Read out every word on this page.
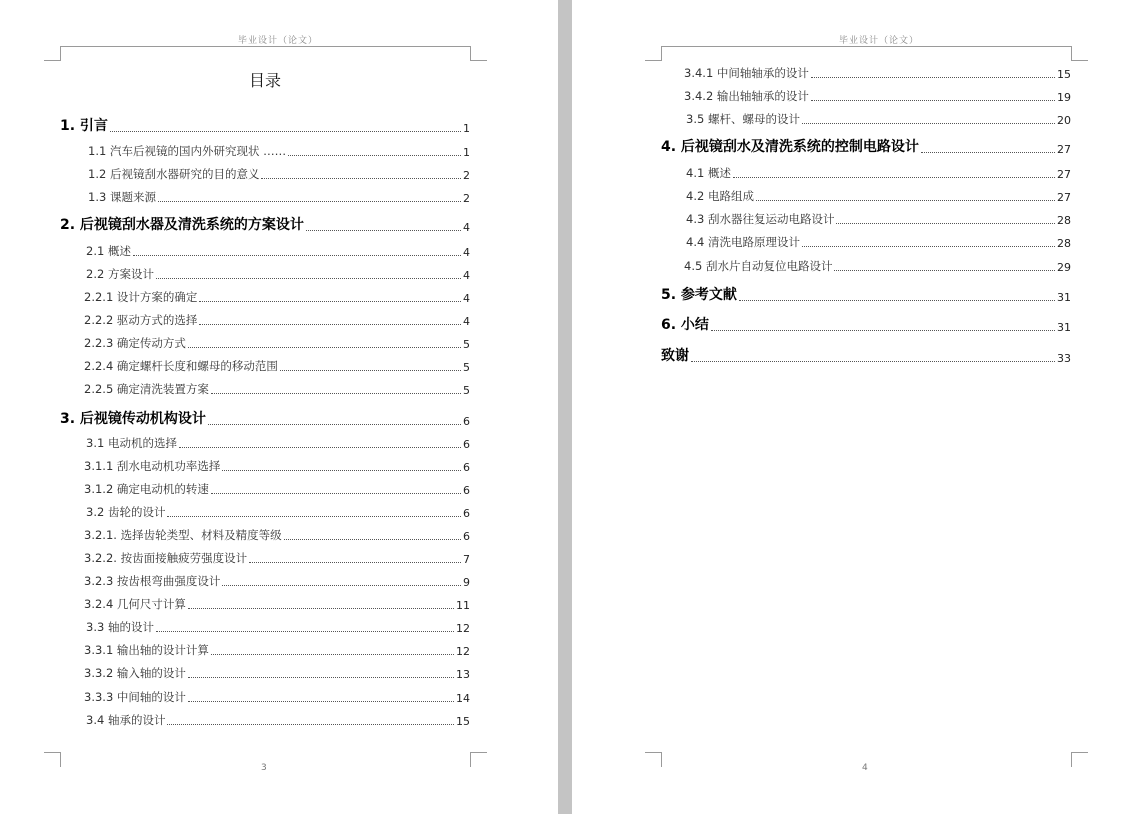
毕业设计（论文）
目录
1. 引言	1
1.1 汽车后视镜的国内外研究现状 ……	1
1.2 后视镜刮水器研究的目的意义	2
1.3 课题来源	2
2. 后视镜刮水器及清洗系统的方案设计	4
2.1 概述	4
2.2 方案设计	4
2.2.1 设计方案的确定	4
2.2.2 驱动方式的选择	4
2.2.3 确定传动方式	5
2.2.4 确定螺杆长度和螺母的移动范围	5
2.2.5 确定清洗装置方案	5
3. 后视镜传动机构设计	6
3.1 电动机的选择	6
3.1.1 刮水电动机功率选择	6
3.1.2 确定电动机的转速	6
3.2 齿轮的设计	6
3.2.1. 选择齿轮类型、材料及精度等级	6
3.2.2. 按齿面接触疲劳强度设计	7
3.2.3 按齿根弯曲强度设计	9
3.2.4 几何尺寸计算	11
3.3 轴的设计	12
3.3.1 输出轴的设计计算	12
3.3.2 输入轴的设计	13
3.3.3 中间轴的设计	14
3.4 轴承的设计	15
3
毕业设计（论文）
3.4.1 中间轴轴承的设计	15
3.4.2 输出轴轴承的设计	19
3.5 螺杆、螺母的设计	20
4. 后视镜刮水及清洗系统的控制电路设计	27
4.1 概述	27
4.2 电路组成	27
4.3 刮水器往复运动电路设计	28
4.4 清洗电路原理设计	28
4.5 刮水片自动复位电路设计	29
5. 参考文献	31
6. 小结	31
致谢	33
4
